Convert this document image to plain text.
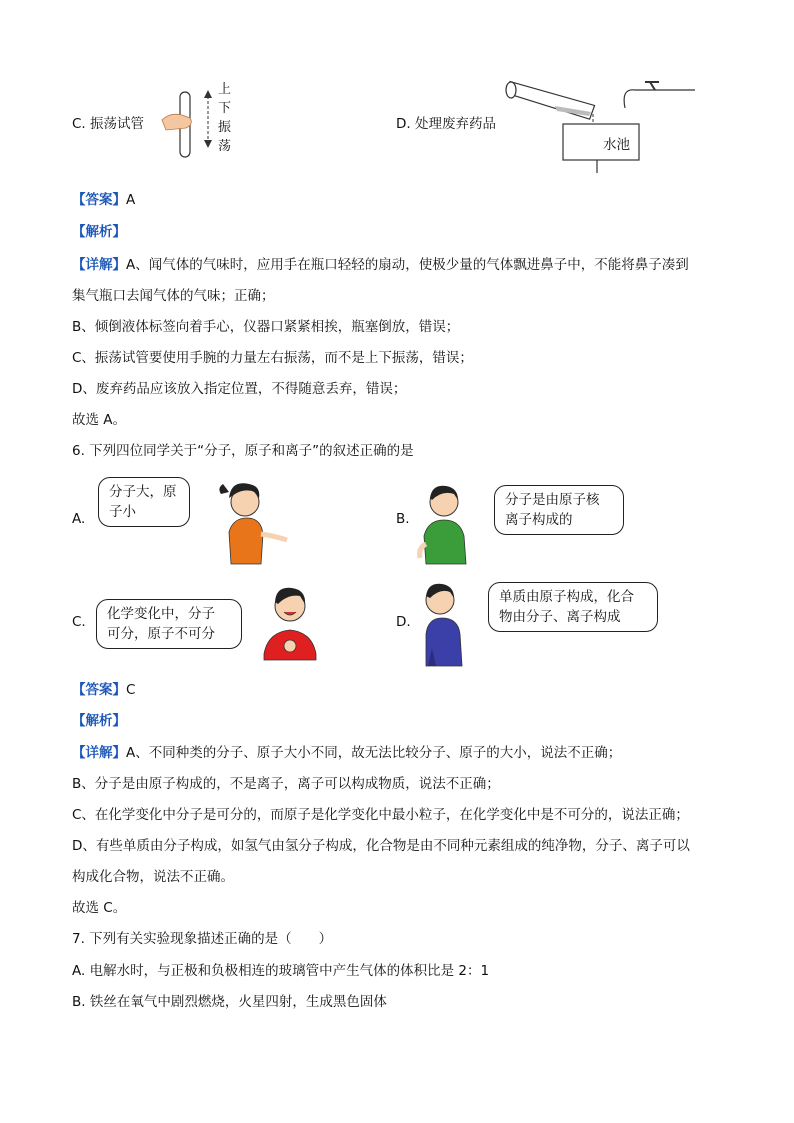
C. 振荡试管
上
下
振
荡
D. 处理废弃药品
水池
【答案】A
【解析】
【详解】A、闻气体的气味时，应用手在瓶口轻轻的扇动，使极少量的气体飘进鼻子中，不能将鼻子凑到
集气瓶口去闻气体的气味；正确；
B、倾倒液体标签向着手心，仪器口紧紧相挨，瓶塞倒放，错误；
C、振荡试管要使用手腕的力量左右振荡，而不是上下振荡，错误；
D、废弃药品应该放入指定位置，不得随意丢弃，错误；
故选 A。
6. 下列四位同学关于“分子，原子和离子”的叙述正确的是
A.
分子大，原
子小	B.
分子是由原子核
离子构成的
C. 化学变化中，分子
可分，原子不可分
D.
单质由原子构成，化合
物由分子、离子构成
【答案】C
【解析】
【详解】A、不同种类的分子、原子大小不同，故无法比较分子、原子的大小，说法不正确；
B、分子是由原子构成的，不是离子，离子可以构成物质，说法不正确；
C、在化学变化中分子是可分的，而原子是化学变化中最小粒子，在化学变化中是不可分的，说法正确；
D、有些单质由分子构成，如氢气由氢分子构成，化合物是由不同种元素组成的纯净物，分子、离子可以
构成化合物，说法不正确。
故选 C。
7. 下列有关实验现象描述正确的是（　　）
A. 电解水时，与正极和负极相连的玻璃管中产生气体的体积比是 2：1
B. 铁丝在氧气中剧烈燃烧，火星四射，生成黑色固体
